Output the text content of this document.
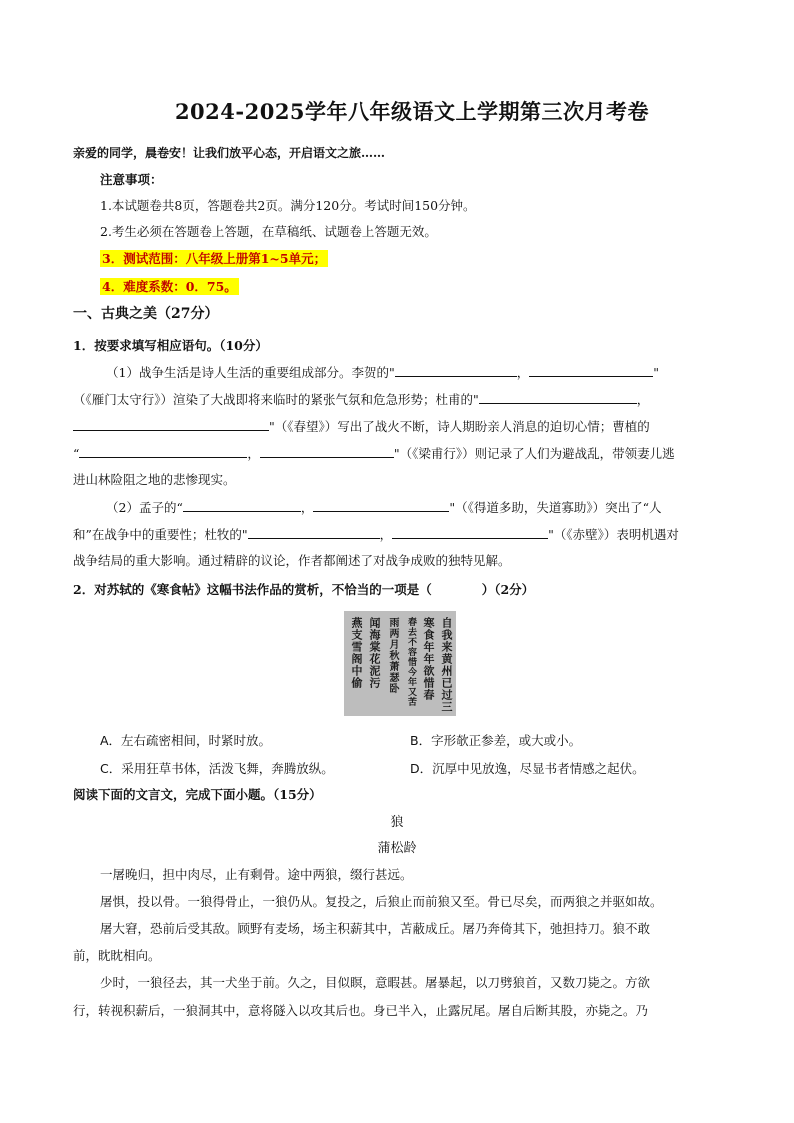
2024-2025学年八年级语文上学期第三次月考卷
亲爱的同学，晨卷安！让我们放平心态，开启语文之旅……
注意事项：
1.本试题卷共8页，答题卷共2页。满分120分。考试时间150分钟。
2.考生必须在答题卷上答题，在草稿纸、试题卷上答题无效。
3．测试范围：八年级上册第1~5单元；
4．难度系数：0．75。
一、古典之美（27分）
1．按要求填写相应语句。（10分）
（1）战争生活是诗人生活的重要组成部分。李贺的"	，	"
（《雁门太守行》）渲染了大战即将来临时的紧张气氛和危急形势；杜甫的"	，
"（《春望》）写出了战火不断，诗人期盼亲人消息的迫切心情；曹植的
“	，	"（《梁甫行》）则记录了人们为避战乱，带领妻儿逃
进山林险阻之地的悲惨现实。
（2）孟子的“	，	"（《得道多助，失道寡助》）突出了“人
和”在战争中的重要性；杜牧的"	，	"（《赤壁》）表明机遇对
战争结局的重大影响。通过精辟的议论，作者都阐述了对战争成败的独特见解。
2．对苏轼的《寒食帖》这幅书法作品的赏析，不恰当的一项是（　　　　）（2分）
自我来黄州已过三
寒食年年欲惜春
春去不容惜今年又苦
雨两月秋萧瑟卧
闻海棠花泥污
燕支雪阁中偷
A．左右疏密相间，时紧时放。	B．字形欹正参差，或大或小。
C．采用狂草书体，活泼飞舞，奔腾放纵。	D．沉厚中见放逸，尽显书者情感之起伏。
阅读下面的文言文，完成下面小题。（15分）
狼
蒲松龄
一屠晚归，担中肉尽，止有剩骨。途中两狼，缀行甚远。
屠惧，投以骨。一狼得骨止，一狼仍从。复投之，后狼止而前狼又至。骨已尽矣，而两狼之并驱如故。
屠大窘，恐前后受其敌。顾野有麦场，场主积薪其中，苫蔽成丘。屠乃奔倚其下，弛担持刀。狼不敢
前，眈眈相向。
少时，一狼径去，其一犬坐于前。久之，目似瞑，意暇甚。屠暴起，以刀劈狼首，又数刀毙之。方欲
行，转视积薪后，一狼洞其中，意将隧入以攻其后也。身已半入，止露尻尾。屠自后断其股，亦毙之。乃
